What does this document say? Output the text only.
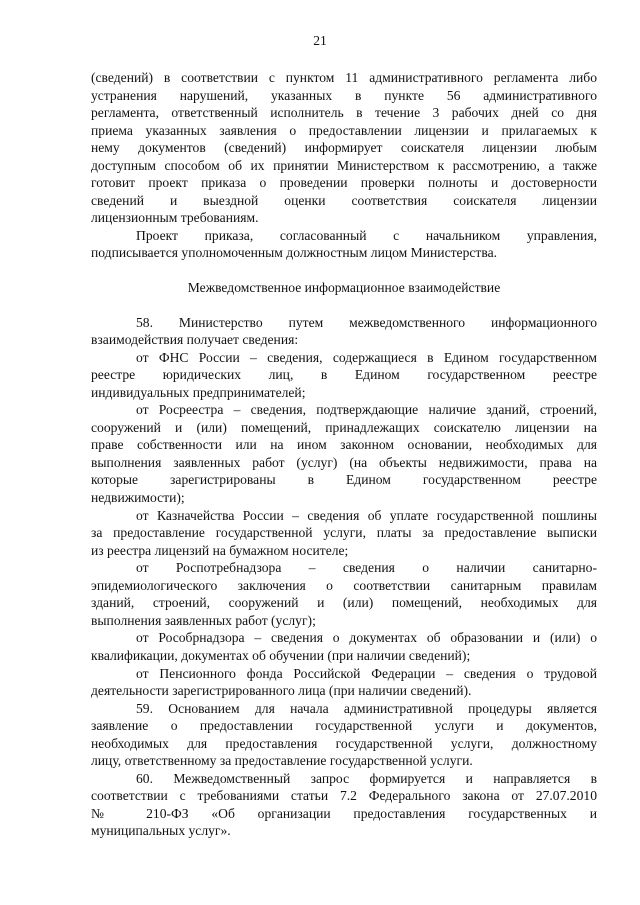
21
(сведений) в соответствии с пунктом 11 административного регламента либо
устранения нарушений, указанных в пункте 56 административного
регламента, ответственный исполнитель в течение 3 рабочих дней со дня
приема указанных заявления о предоставлении лицензии и прилагаемых к
нему документов (сведений) информирует соискателя лицензии любым
доступным способом об их принятии Министерством к рассмотрению, а также
готовит проект приказа о проведении проверки полноты и достоверности
сведений и выездной оценки соответствия соискателя лицензии
лицензионным требованиям.
Проект приказа, согласованный с начальником управления,
подписывается уполномоченным должностным лицом Министерства.
Межведомственное информационное взаимодействие
58. Министерство путем межведомственного информационного
взаимодействия получает сведения:
от ФНС России – сведения, содержащиеся в Едином государственном
реестре юридических лиц, в Едином государственном реестре
индивидуальных предпринимателей;
от Росреестра – сведения, подтверждающие наличие зданий, строений,
сооружений и (или) помещений, принадлежащих соискателю лицензии на
праве собственности или на ином законном основании, необходимых для
выполнения заявленных работ (услуг) (на объекты недвижимости, права на
которые зарегистрированы в Едином государственном реестре
недвижимости);
от Казначейства России – сведения об уплате государственной пошлины
за предоставление государственной услуги, платы за предоставление выписки
из реестра лицензий на бумажном носителе;
от Роспотребнадзора – сведения о наличии санитарно-
эпидемиологического заключения о соответствии санитарным правилам
зданий, строений, сооружений и (или) помещений, необходимых для
выполнения заявленных работ (услуг);
от Рособрнадзора – сведения о документах об образовании и (или) о
квалификации, документах об обучении (при наличии сведений);
от Пенсионного фонда Российской Федерации – сведения о трудовой
деятельности зарегистрированного лица (при наличии сведений).
59. Основанием для начала административной процедуры является
заявление о предоставлении государственной услуги и документов,
необходимых для предоставления государственной услуги, должностному
лицу, ответственному за предоставление государственной услуги.
60. Межведомственный запрос формируется и направляется в
соответствии с требованиями статьи 7.2 Федерального закона от 27.07.2010
№ 210-ФЗ «Об организации предоставления государственных и
муниципальных услуг».
